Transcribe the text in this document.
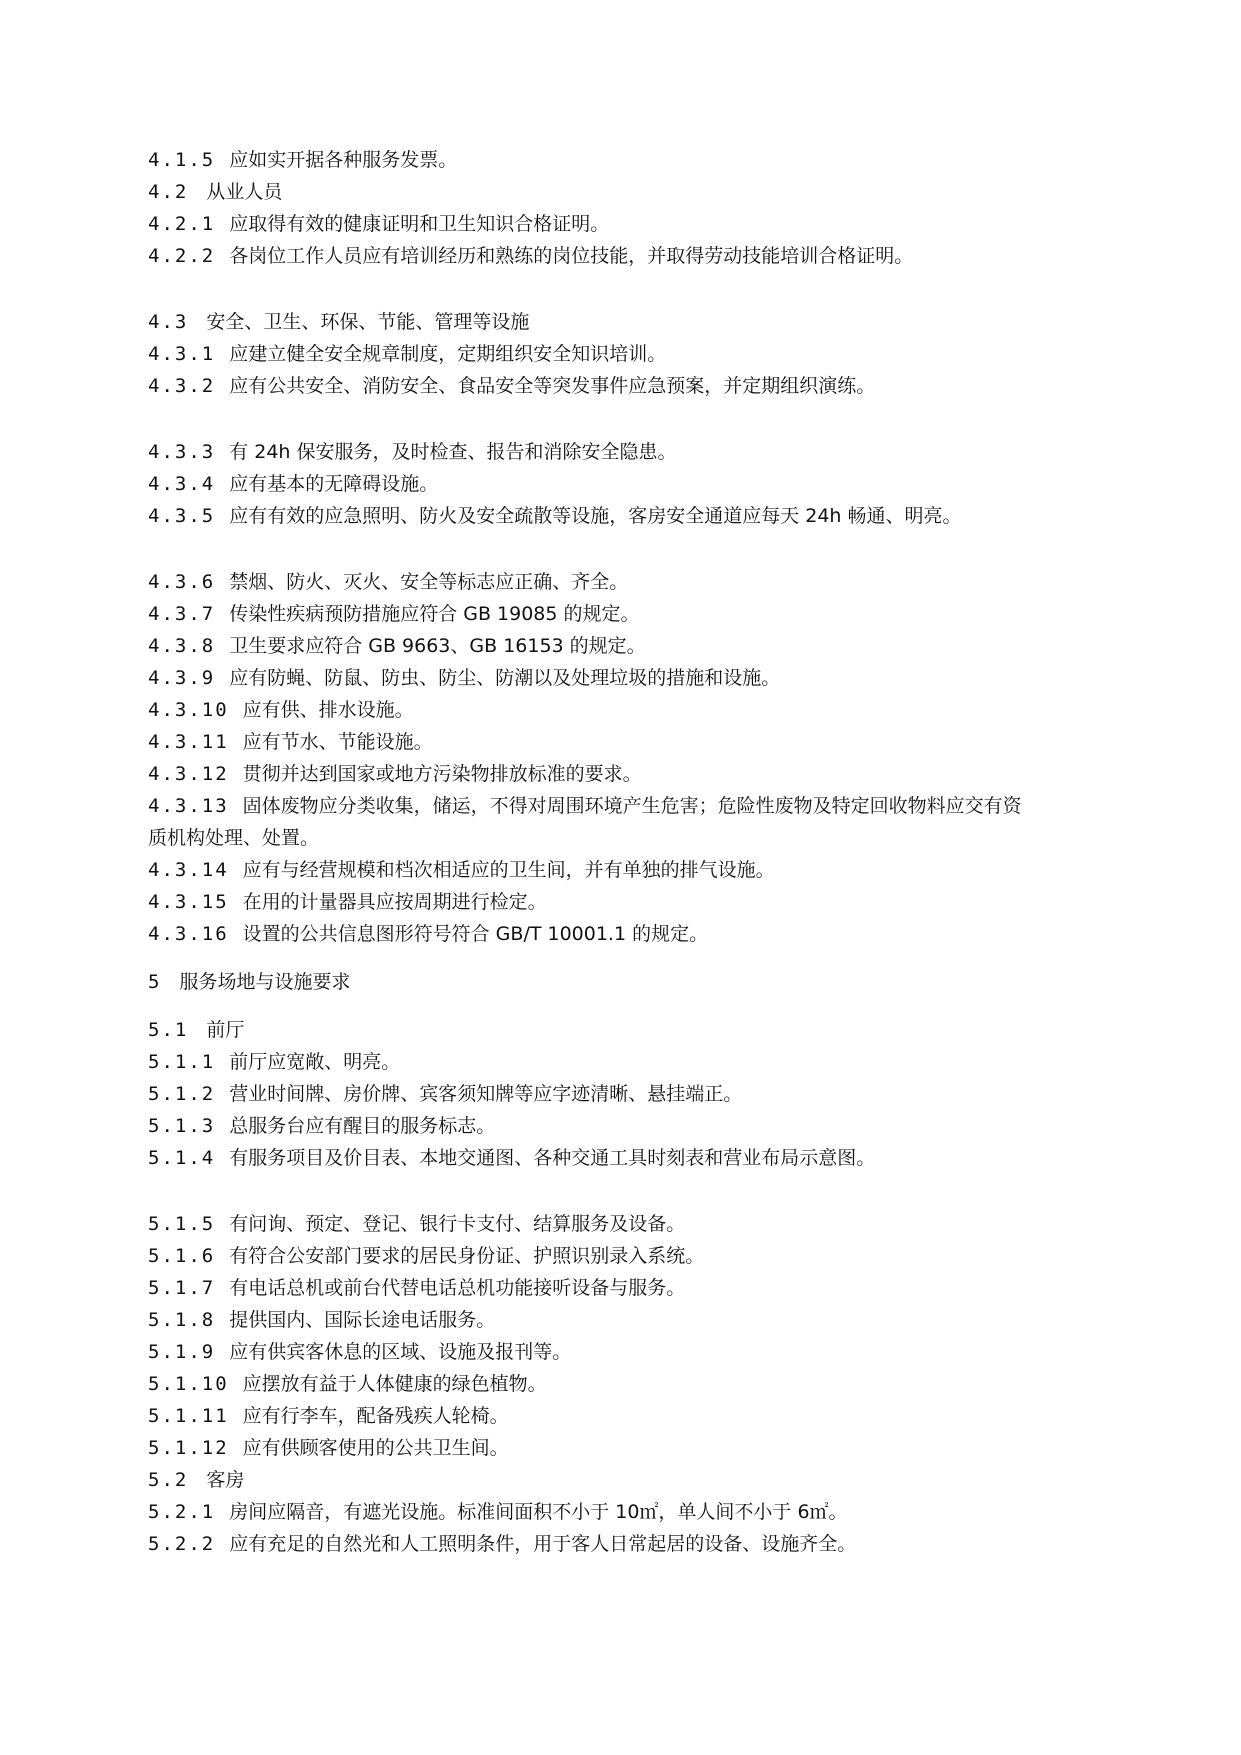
4.1.5 应如实开据各种服务发票。
4.2 从业人员
4.2.1 应取得有效的健康证明和卫生知识合格证明。
4.2.2 各岗位工作人员应有培训经历和熟练的岗位技能，并取得劳动技能培训合格证明。
4.3 安全、卫生、环保、节能、管理等设施
4.3.1 应建立健全安全规章制度，定期组织安全知识培训。
4.3.2 应有公共安全、消防安全、食品安全等突发事件应急预案，并定期组织演练。
4.3.3 有 24h 保安服务，及时检查、报告和消除安全隐患。
4.3.4 应有基本的无障碍设施。
4.3.5 应有有效的应急照明、防火及安全疏散等设施，客房安全通道应每天 24h 畅通、明亮。
4.3.6 禁烟、防火、灭火、安全等标志应正确、齐全。
4.3.7 传染性疾病预防措施应符合 GB 19085 的规定。
4.3.8 卫生要求应符合 GB 9663、GB 16153 的规定。
4.3.9 应有防蝇、防鼠、防虫、防尘、防潮以及处理垃圾的措施和设施。
4.3.10 应有供、排水设施。
4.3.11 应有节水、节能设施。
4.3.12 贯彻并达到国家或地方污染物排放标准的要求。
4.3.13 固体废物应分类收集，储运，不得对周围环境产生危害；危险性废物及特定回收物料应交有资
质机构处理、处置。
4.3.14 应有与经营规模和档次相适应的卫生间，并有单独的排气设施。
4.3.15 在用的计量器具应按周期进行检定。
4.3.16 设置的公共信息图形符号符合 GB/T 10001.1 的规定。
5 服务场地与设施要求
5.1 前厅
5.1.1 前厅应宽敞、明亮。
5.1.2 营业时间牌、房价牌、宾客须知牌等应字迹清晰、悬挂端正。
5.1.3 总服务台应有醒目的服务标志。
5.1.4 有服务项目及价目表、本地交通图、各种交通工具时刻表和营业布局示意图。
5.1.5 有问询、预定、登记、银行卡支付、结算服务及设备。
5.1.6 有符合公安部门要求的居民身份证、护照识别录入系统。
5.1.7 有电话总机或前台代替电话总机功能接听设备与服务。
5.1.8 提供国内、国际长途电话服务。
5.1.9 应有供宾客休息的区域、设施及报刊等。
5.1.10 应摆放有益于人体健康的绿色植物。
5.1.11 应有行李车，配备残疾人轮椅。
5.1.12 应有供顾客使用的公共卫生间。
5.2 客房
5.2.1 房间应隔音，有遮光设施。标准间面积不小于 10㎡，单人间不小于 6㎡。
5.2.2 应有充足的自然光和人工照明条件，用于客人日常起居的设备、设施齐全。
